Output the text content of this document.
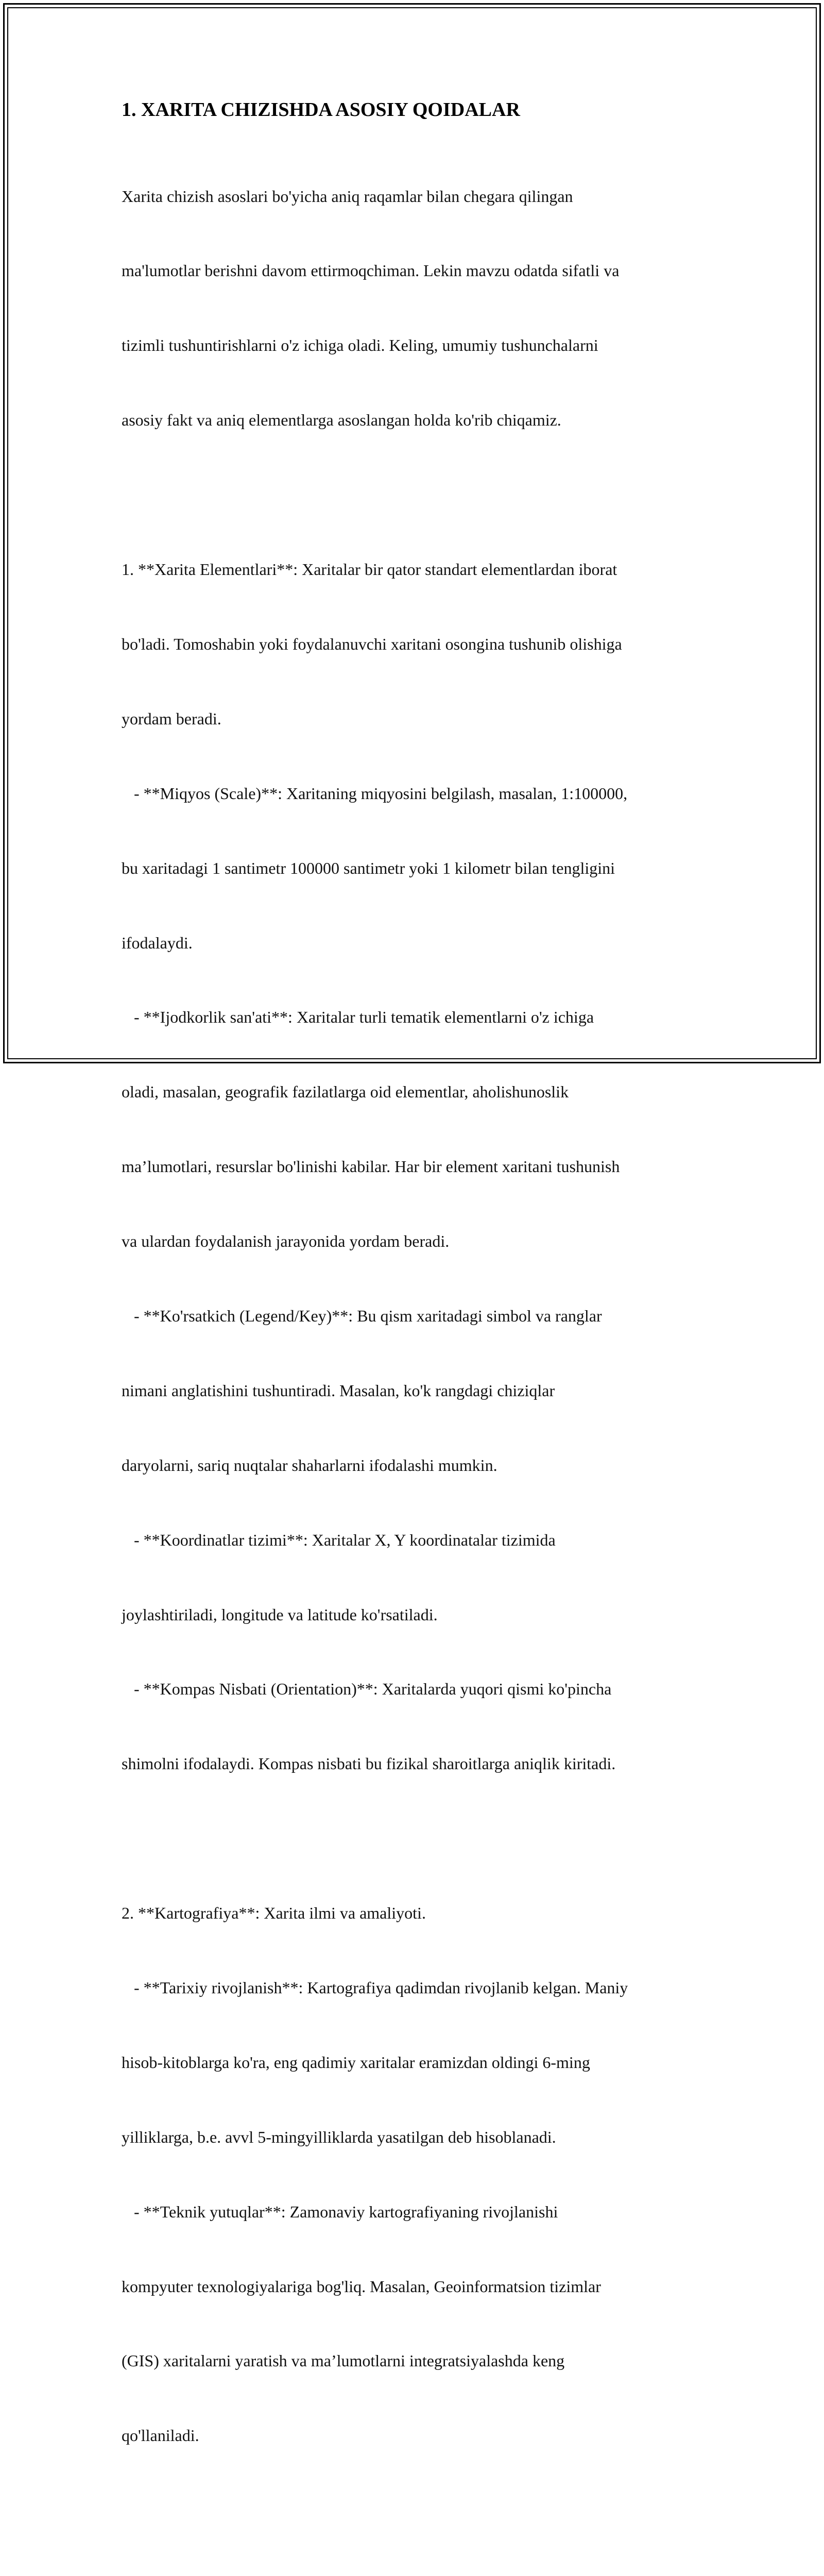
1. XARITA CHIZISHDA ASOSIY QOIDALAR

Xarita chizish asoslari bo'yicha aniq raqamlar bilan chegara qilingan

ma'lumotlar berishni davom ettirmoqchiman. Lekin mavzu odatda sifatli va

tizimli tushuntirishlarni o'z ichiga oladi. Keling, umumiy tushunchalarni

asosiy fakt va aniq elementlarga asoslangan holda ko'rib chiqamiz.

1. **Xarita Elementlari**: Xaritalar bir qator standart elementlardan iborat

bo'ladi. Tomoshabin yoki foydalanuvchi xaritani osongina tushunib olishiga

yordam beradi.

- **Miqyos (Scale)**: Xaritaning miqyosini belgilash, masalan, 1:100000,

bu xaritadagi 1 santimetr 100000 santimetr yoki 1 kilometr bilan tengligini

ifodalaydi.

- **Ijodkorlik san'ati**: Xaritalar turli tematik elementlarni o'z ichiga

oladi, masalan, geografik fazilatlarga oid elementlar, aholishunoslik

ma’lumotlari, resurslar bo'linishi kabilar. Har bir element xaritani tushunish

va ulardan foydalanish jarayonida yordam beradi.

- **Ko'rsatkich (Legend/Key)**: Bu qism xaritadagi simbol va ranglar

nimani anglatishini tushuntiradi. Masalan, ko'k rangdagi chiziqlar

daryolarni, sariq nuqtalar shaharlarni ifodalashi mumkin.

- **Koordinatlar tizimi**: Xaritalar X, Y koordinatalar tizimida

joylashtiriladi, longitude va latitude ko'rsatiladi.

- **Kompas Nisbati (Orientation)**: Xaritalarda yuqori qismi ko'pincha

shimolni ifodalaydi. Kompas nisbati bu fizikal sharoitlarga aniqlik kiritadi.

2. **Kartografiya**: Xarita ilmi va amaliyoti.

- **Tarixiy rivojlanish**: Kartografiya qadimdan rivojlanib kelgan. Maniy

hisob-kitoblarga ko'ra, eng qadimiy xaritalar eramizdan oldingi 6-ming

yilliklarga, b.e. avvl 5-mingyilliklarda yasatilgan deb hisoblanadi.

- **Teknik yutuqlar**: Zamonaviy kartografiyaning rivojlanishi

kompyuter texnologiyalariga bog'liq. Masalan, Geoinformatsion tizimlar

(GIS) xaritalarni yaratish va ma’lumotlarni integratsiyalashda keng

qo'llaniladi.
